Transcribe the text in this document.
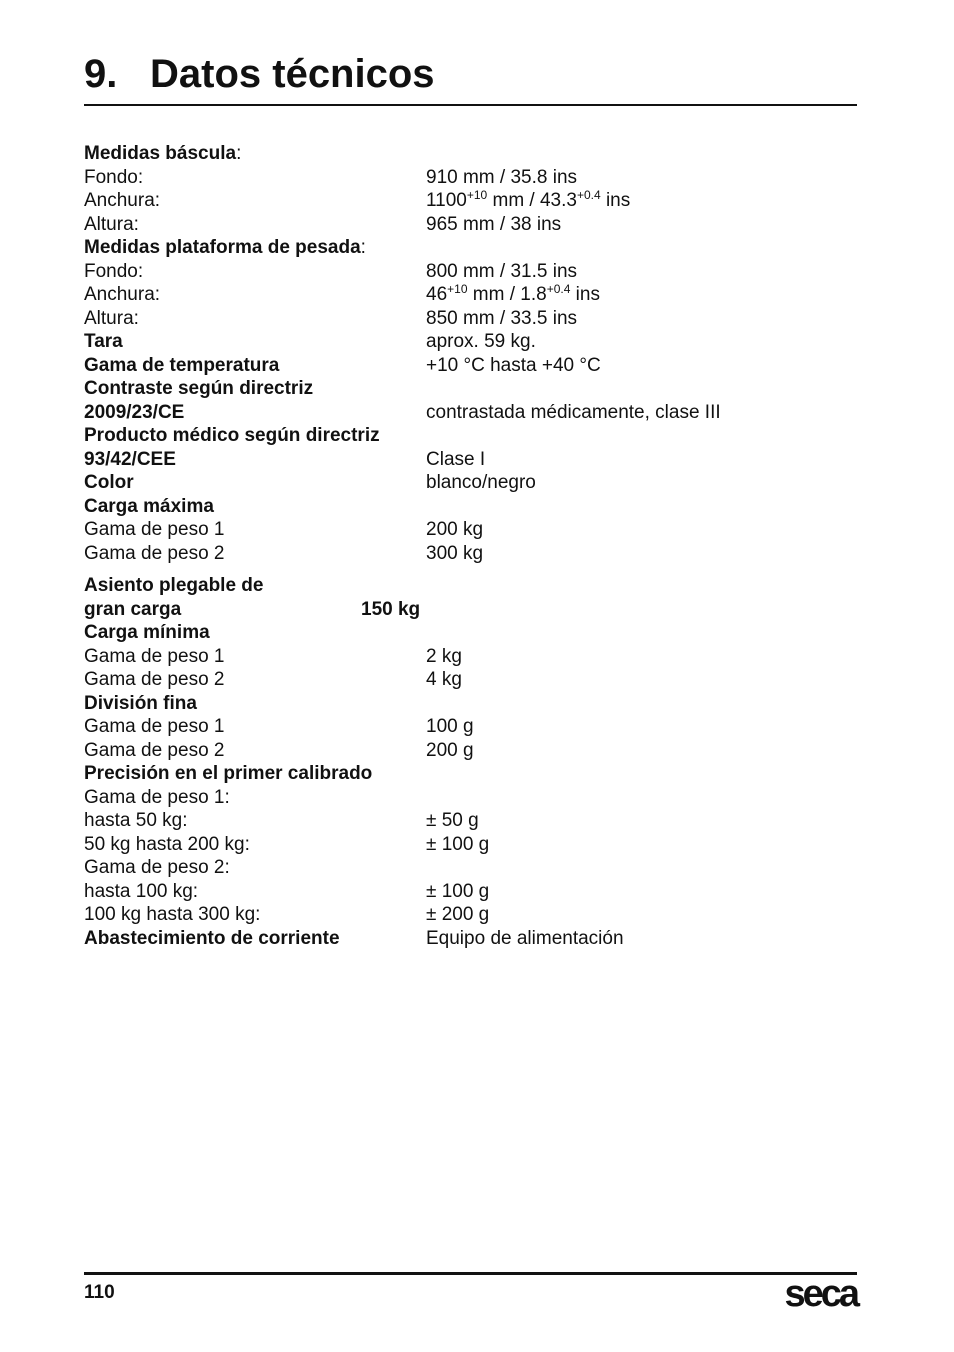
9. Datos técnicos
Medidas báscula:
Fondo:	910 mm / 35.8 ins
Anchura:	$1100^{+10}$ mm / $43.3^{+0.4}$ ins
Altura:	965 mm / 38 ins
Medidas plataforma de pesada:
Fondo:	800 mm / 31.5 ins
Anchura:	$46^{+10}$ mm / $1.8^{+0.4}$ ins
Altura:	850 mm / 33.5 ins
Tara	aprox. 59 kg.
Gama de temperatura	+10 °C hasta +40 °C
Contraste según directriz
2009/23/CE	contrastada médicamente, clase III
Producto médico según directriz
93/42/CEE	Clase I
Color	blanco/negro
Carga máxima
Gama de peso 1	200 kg
Gama de peso 2	300 kg
Asiento plegable de
gran carga	150 kg
Carga mínima
Gama de peso 1	2 kg
Gama de peso 2	4 kg
División fina
Gama de peso 1	100 g
Gama de peso 2	200 g
Precisión en el primer calibrado
Gama de peso 1:
hasta 50 kg:	± 50 g
50 kg hasta 200 kg:	± 100 g
Gama de peso 2:
hasta 100 kg:	± 100 g
100 kg hasta 300 kg:	± 200 g
Abastecimiento de corriente	Equipo de alimentación
110	seca
